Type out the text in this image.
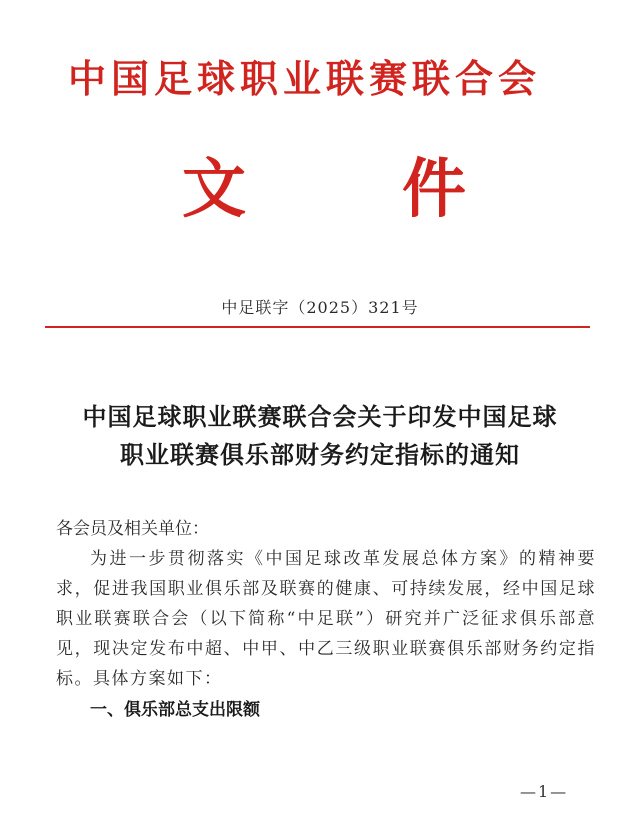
中国足球职业联赛联合会
文 件
中足联字（2025）321号
中国足球职业联赛联合会关于印发中国足球
职业联赛俱乐部财务约定指标的通知

各会员及相关单位：

为进一步贯彻落实《中国足球改革发展总体方案》的精神要求，促进我国职业俱乐部及联赛的健康、可持续发展，经中国足球职业联赛联合会（以下简称“中足联”）研究并广泛征求俱乐部意见，现决定发布中超、中甲、中乙三级职业联赛俱乐部财务约定指标。具体方案如下：

一、俱乐部总支出限额

—1—
